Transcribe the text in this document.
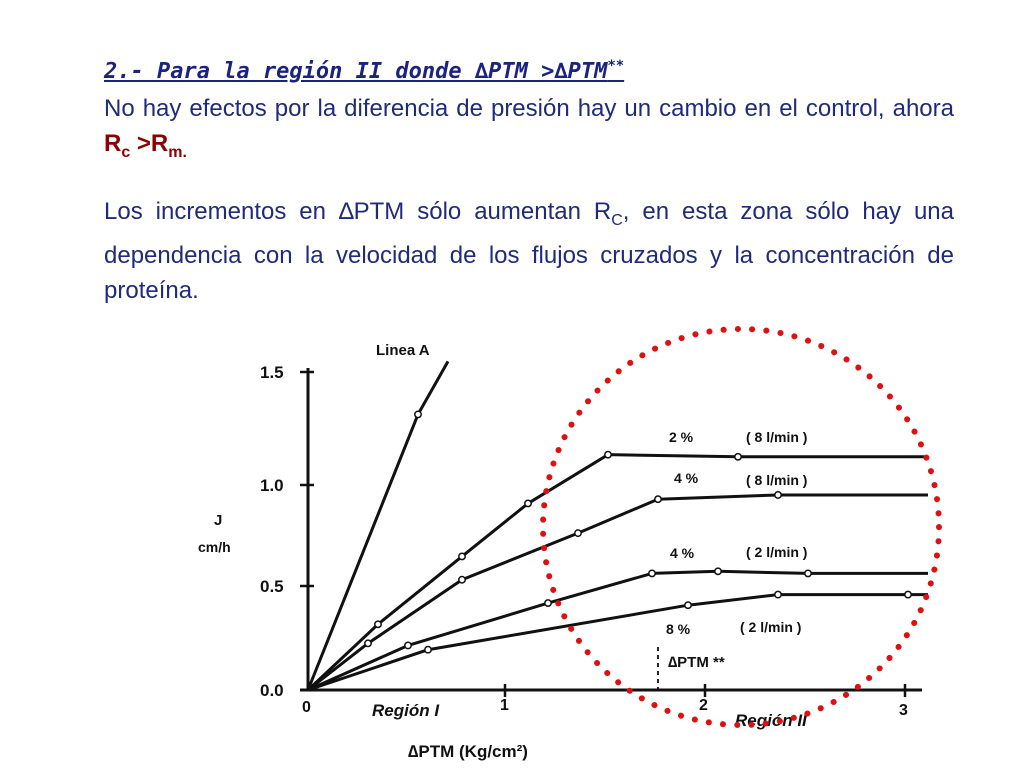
2.- Para la región II donde ∆PTM >∆PTM**

No hay efectos por la diferencia de presión hay un cambio en el control, ahora $R_c >R_{m.}$

Los incrementos en ∆PTM sólo aumentan $R_C$, en esta zona sólo hay una dependencia con la velocidad de los flujos cruzados y la concentración de proteína.

1.5
1.0
0.5
0.0
0	1	2	3
J
cm/h
∆PTM (Kg/cm²)
Región I
Región II
∆PTM **
Linea A
2 %	( 8 l/min )
4 %	( 8 l/min )
4 %	( 2 l/min )
8 %	( 2 l/min )
